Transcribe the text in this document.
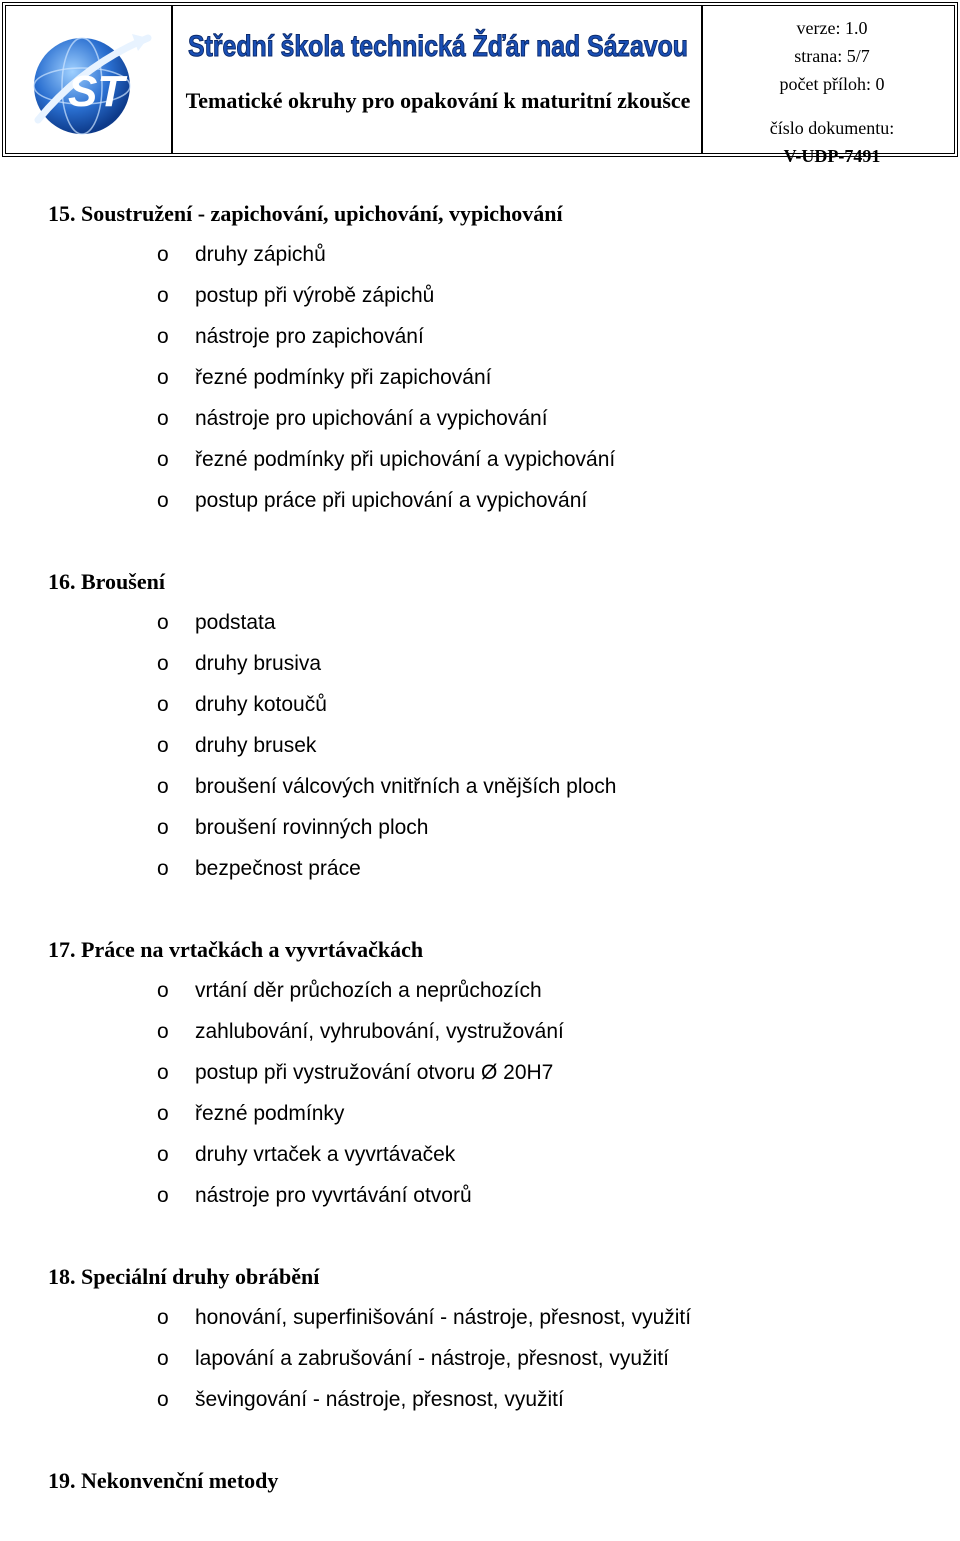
ST
Střední škola technická Žďár nad Sázavou
Tematické okruhy pro opakování k maturitní zkoušce
verze: 1.0
strana: 5/7
počet příloh: 0
číslo dokumentu:
V-UDP-7491
15. Soustružení - zapichování, upichování, vypichování
o druhy zápichů
o postup při výrobě zápichů
o nástroje pro zapichování
o řezné podmínky při zapichování
o nástroje pro upichování a vypichování
o řezné podmínky při upichování a vypichování
o postup práce při upichování a vypichování
16. Broušení
o podstata
o druhy brusiva
o druhy kotoučů
o druhy brusek
o broušení válcových vnitřních a vnějších ploch
o broušení rovinných ploch
o bezpečnost práce
17. Práce na vrtačkách a vyvrtávačkách
o vrtání děr průchozích a neprůchozích
o zahlubování, vyhrubování, vystružování
o postup při vystružování otvoru Ø 20H7
o řezné podmínky
o druhy vrtaček a vyvrtávaček
o nástroje pro vyvrtávání otvorů
18. Speciální druhy obrábění
o honování, superfinišování - nástroje, přesnost, využití
o lapování a zabrušování - nástroje, přesnost, využití
o ševingování - nástroje, přesnost, využití
19. Nekonvenční metody
